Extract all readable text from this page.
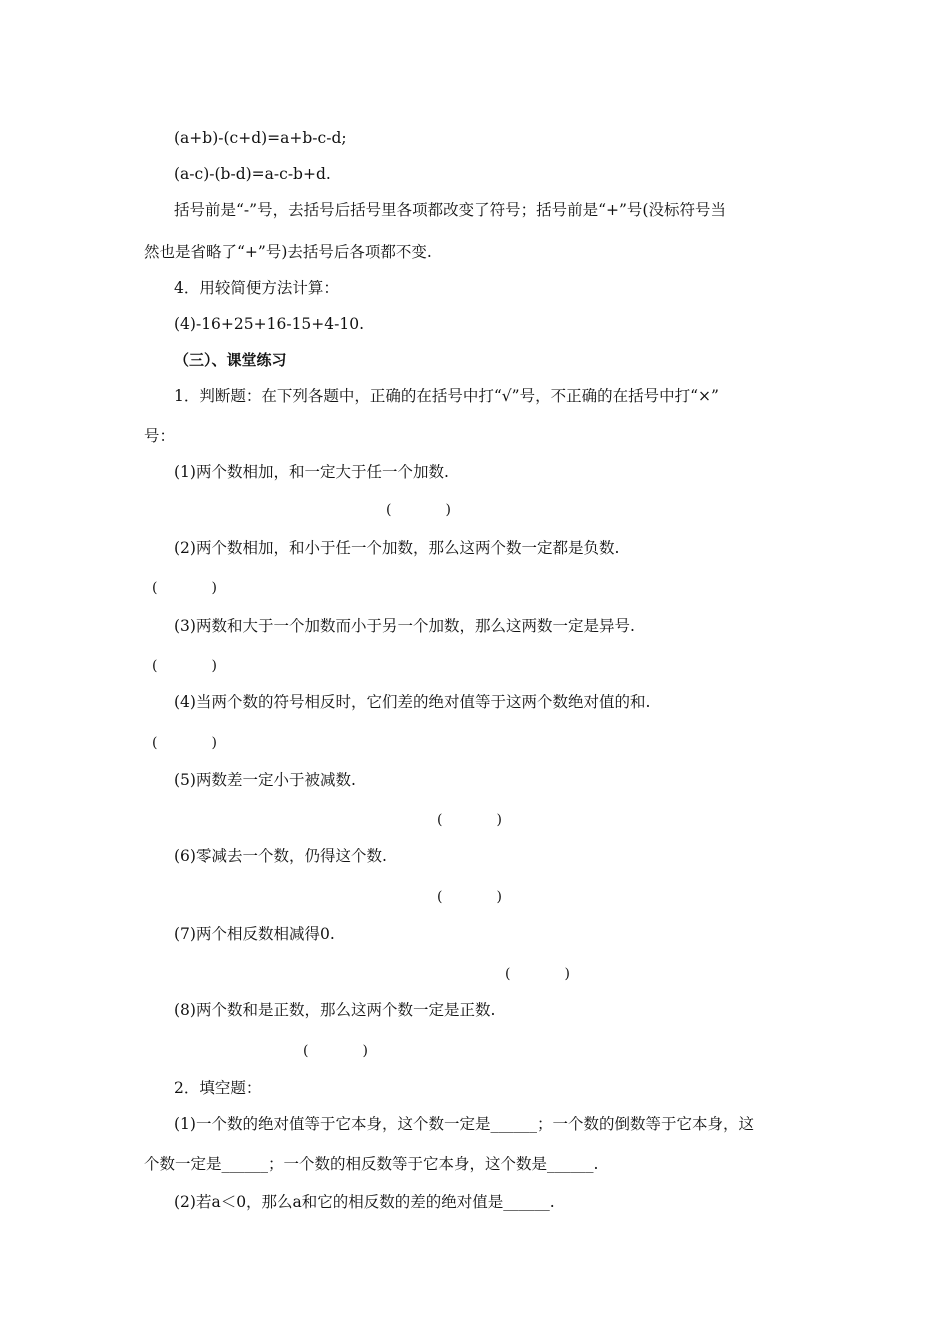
(a+b)-(c+d)=a+b-c-d;
(a-c)-(b-d)=a-c-b+d.
括号前是“-”号，去括号后括号里各项都改变了符号；括号前是“+”号(没标符号当
然也是省略了“+”号)去括号后各项都不变.
4．用较简便方法计算：
(4)-16+25+16-15+4-10.
（三）、课堂练习
1．判断题：在下列各题中，正确的在括号中打“√”号，不正确的在括号中打“×”
号：
(1)两个数相加，和一定大于任一个加数.
(	)
(2)两个数相加，和小于任一个加数，那么这两个数一定都是负数.
(	)
(3)两数和大于一个加数而小于另一个加数，那么这两数一定是异号.
(	)
(4)当两个数的符号相反时，它们差的绝对值等于这两个数绝对值的和.
(	)
(5)两数差一定小于被减数.
(	)
(6)零减去一个数，仍得这个数.
(	)
(7)两个相反数相减得0.
(	)
(8)两个数和是正数，那么这两个数一定是正数.
(	)
2．填空题：
(1)一个数的绝对值等于它本身，这个数一定是______；一个数的倒数等于它本身，这
个数一定是______；一个数的相反数等于它本身，这个数是______.
(2)若a＜0，那么a和它的相反数的差的绝对值是______.
